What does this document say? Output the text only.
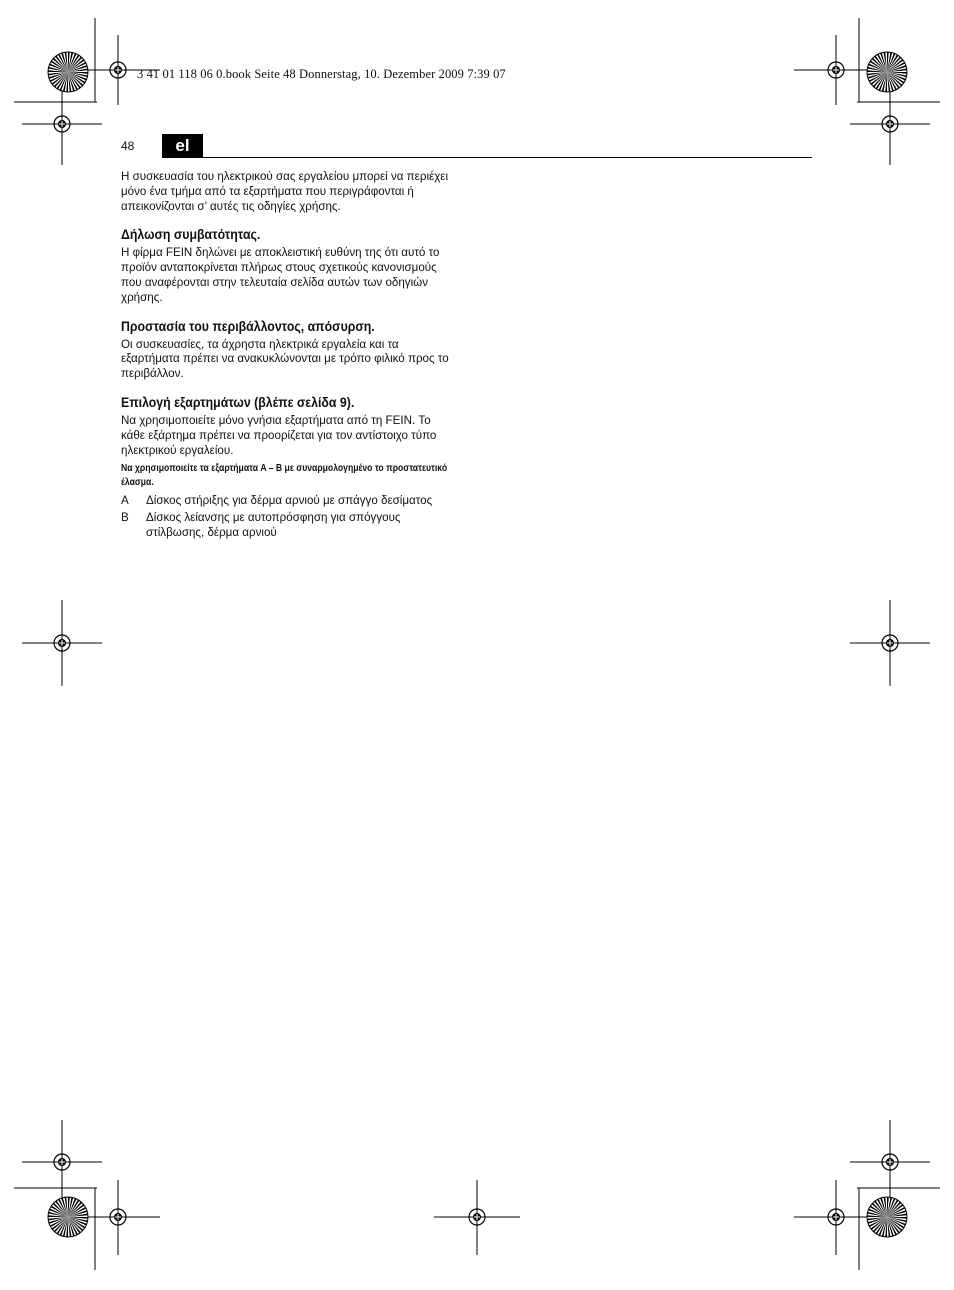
3 41 01 118 06 0.book Seite 48 Donnerstag, 10. Dezember 2009 7:39 07
48	el

Η συσκευασία του ηλεκτρικού σας εργαλείου μπορεί να περιέχει μόνο ένα τμήμα από τα εξαρτήματα που περιγράφονται ή απεικονίζονται σ’ αυτές τις οδηγίες χρήσης.

Δήλωση συμβατότητας.

Η φίρμα FEIN δηλώνει με αποκλειστική ευθύνη της ότι αυτό το προϊόν ανταποκρίνεται πλήρως στους σχετικούς κανονισμούς που αναφέρονται στην τελευταία σελίδα αυτών των οδηγιών χρήσης.

Προστασία του περιβάλλοντος, απόσυρση.

Οι συσκευασίες, τα άχρηστα ηλεκτρικά εργαλεία και τα εξαρτήματα πρέπει να ανακυκλώνονται με τρόπο φιλικό προς το περιβάλλον.

Επιλογή εξαρτημάτων (βλέπε σελίδα 9).

Να χρησιμοποιείτε μόνο γνήσια εξαρτήματα από τη FEIN. Το κάθε εξάρτημα πρέπει να προορίζεται για τον αντίστοιχο τύπο ηλεκτρικού εργαλείου.

Να χρησιμοποιείτε τα εξαρτήματα A – B με συναρμολογημένο το προστατευτικό έλασμα.
A	Δίσκος στήριξης για δέρμα αρνιού με σπάγγο δεσίματος
B	Δίσκος λείανσης με αυτοπρόσφηση για σπόγγους στίλβωσης, δέρμα αρνιού
